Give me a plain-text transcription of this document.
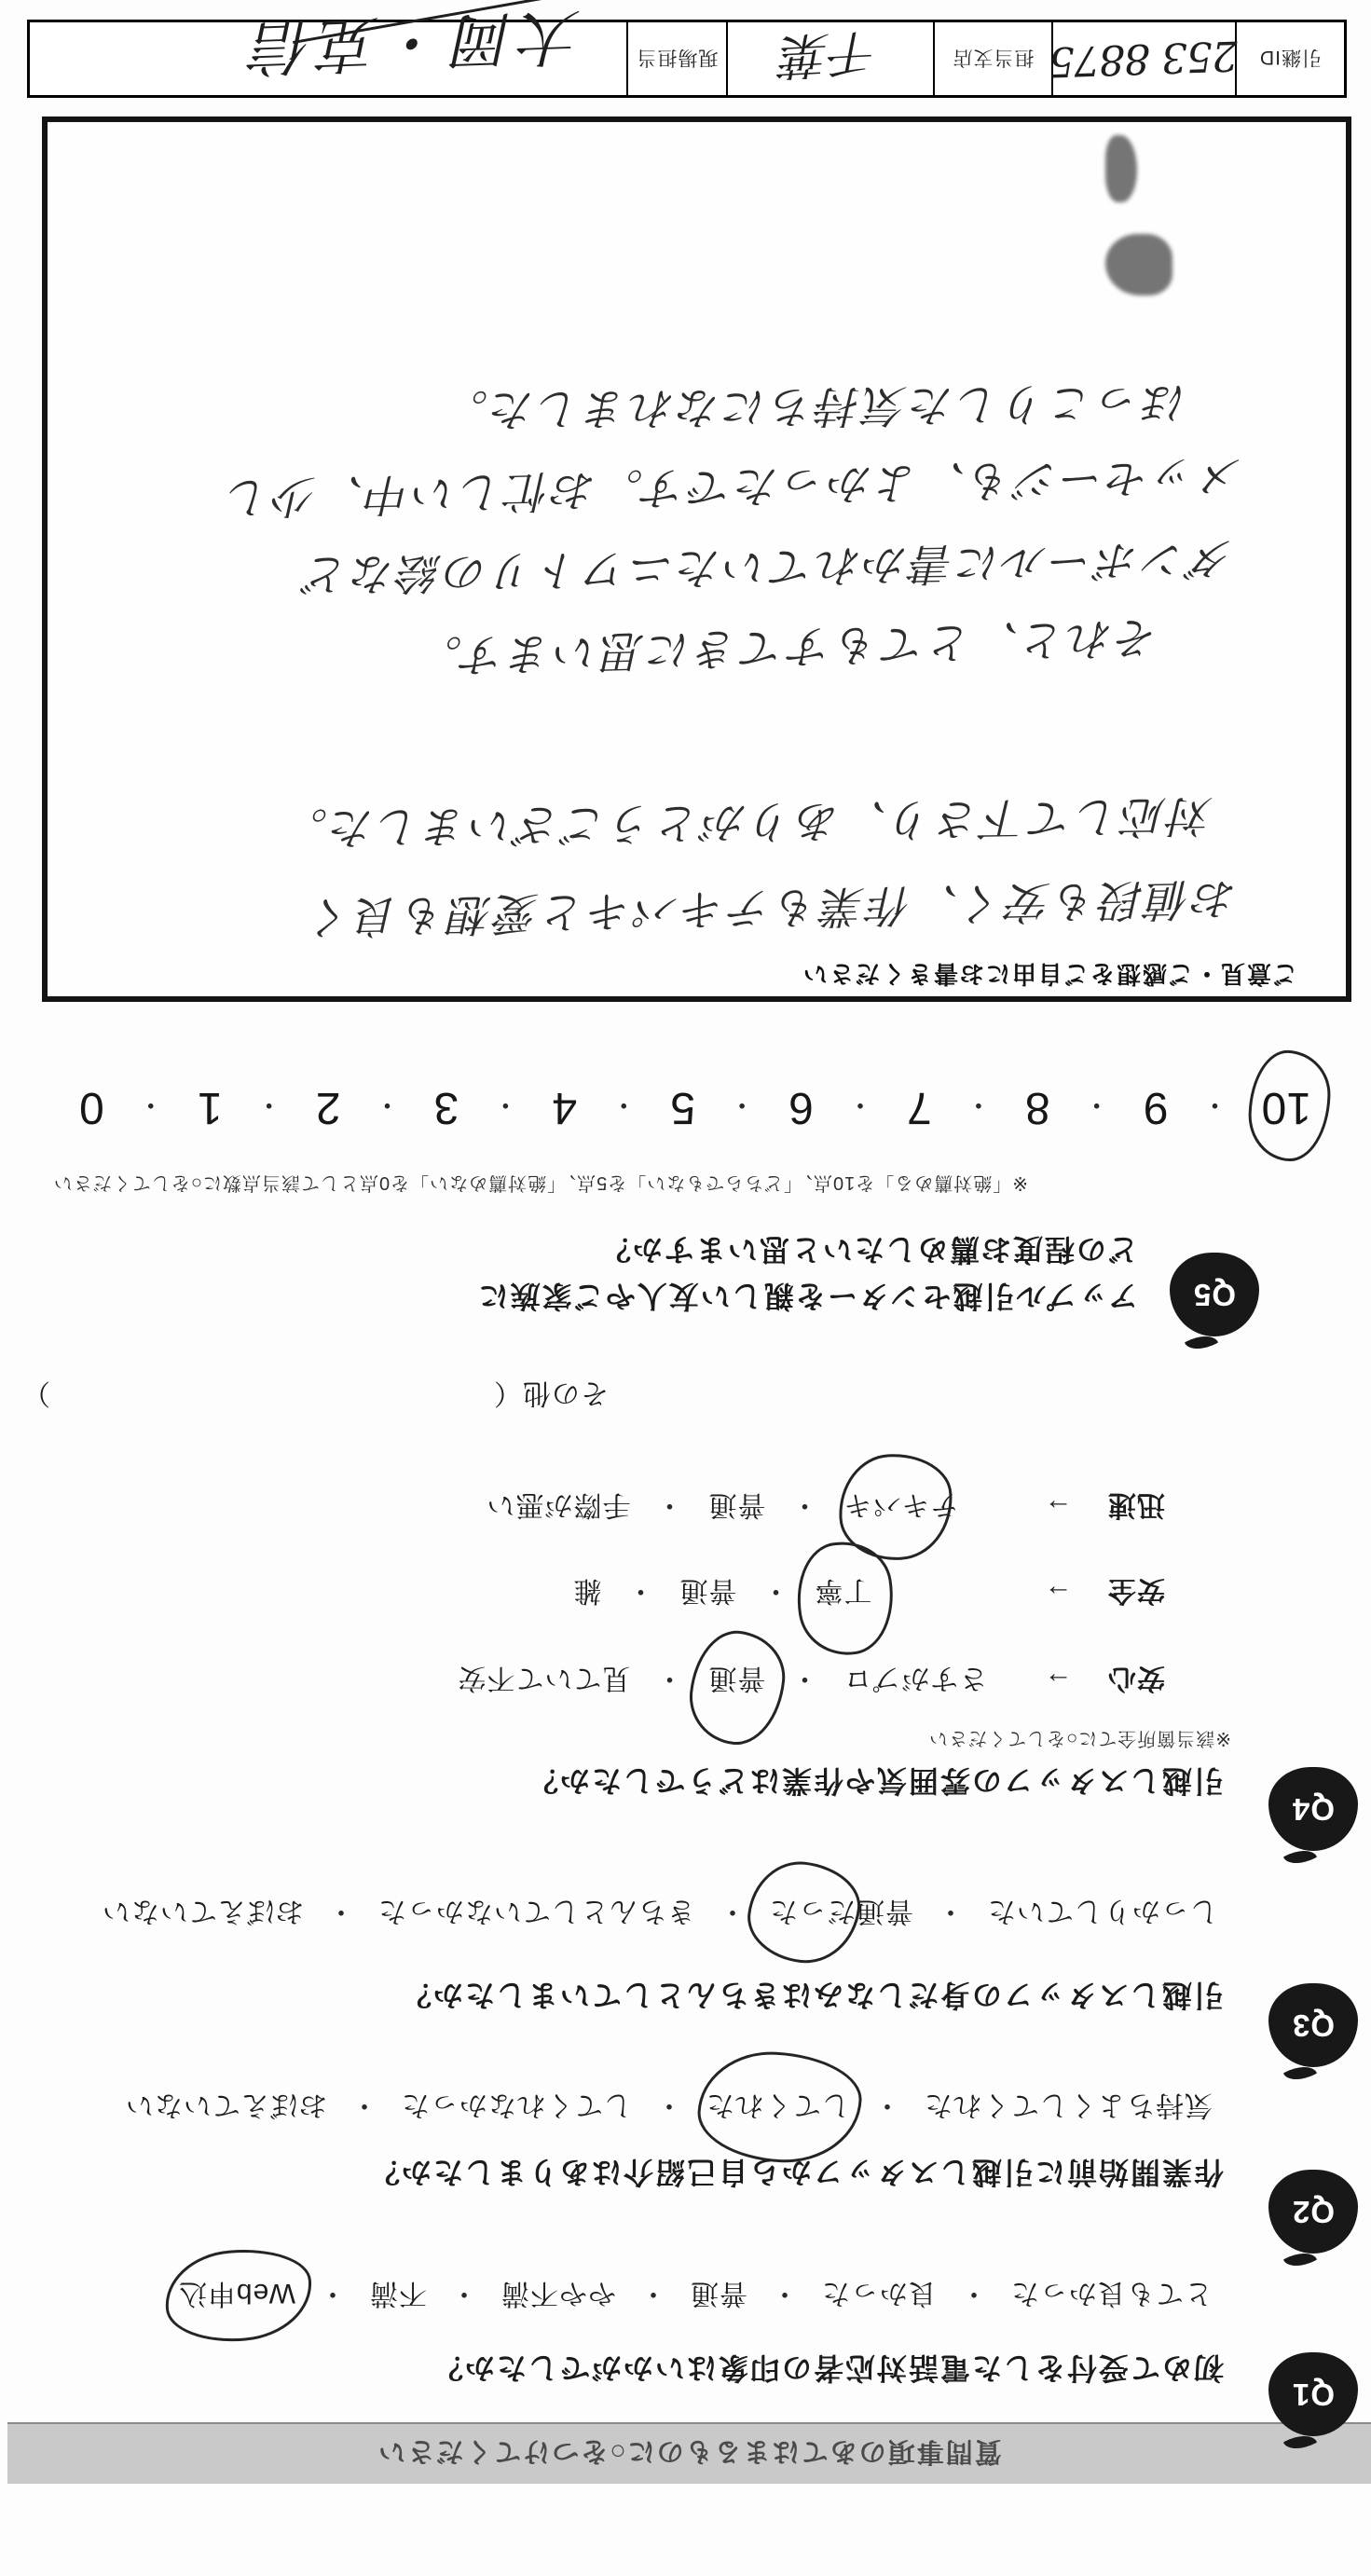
質問事項のあてはまるものに○をつけてください
Q1
初めて受付をした電話対応者の印象はいかがでしたか？
とても良かった
・
良かった
・
普通
・
やや不満
・
不満
・
Web申込
Q2
作業開始前に引越しスタッフから自己紹介はありましたか？
気持ちよくしてくれた
・
してくれた
・
してくれなかった
・
おぼえていない
Q3
引越しスタッフの身だしなみはきちんとしていましたか？
しっかりしていた
・
普通だった
・
きちんとしていなかった
・
おぼえていない
Q4
引越しスタッフの雰囲気や作業はどうでしたか？
※該当箇所全てに○をしてください
安心
→
さすがプロ
・
普通
・
見ていて不安
安全
→
丁寧
・
普通
・
雑
迅速
→
テキパキ
・
普通
・
手際が悪い
その他
（
）
Q5
アップル引越センターを親しい友人やご家族に
どの程度お薦めしたいと思いますか？
※「絶対薦める」を10点、「どちらでもない」を5点、「絶対薦めない」を0点として該当点数に○をしてください
10
・
9
・
8
・
7
・
6
・
5
・
4
・
3
・
2
・
1
・
0
ご意見・ご感想をご自由にお書きください
お値段も安く、作業もテキパキと愛想も良く
対応して下さり、ありがとうございました。
それと、とてもすてきに思います。
ダンボールに書かれていたニワトリの絵など
メッセージも、よかったです。お忙しい中、少し
ほっこりした気持ちになれました。
引継ID
253 8875
担当支店
千葉
現場担当
大岡・克信
